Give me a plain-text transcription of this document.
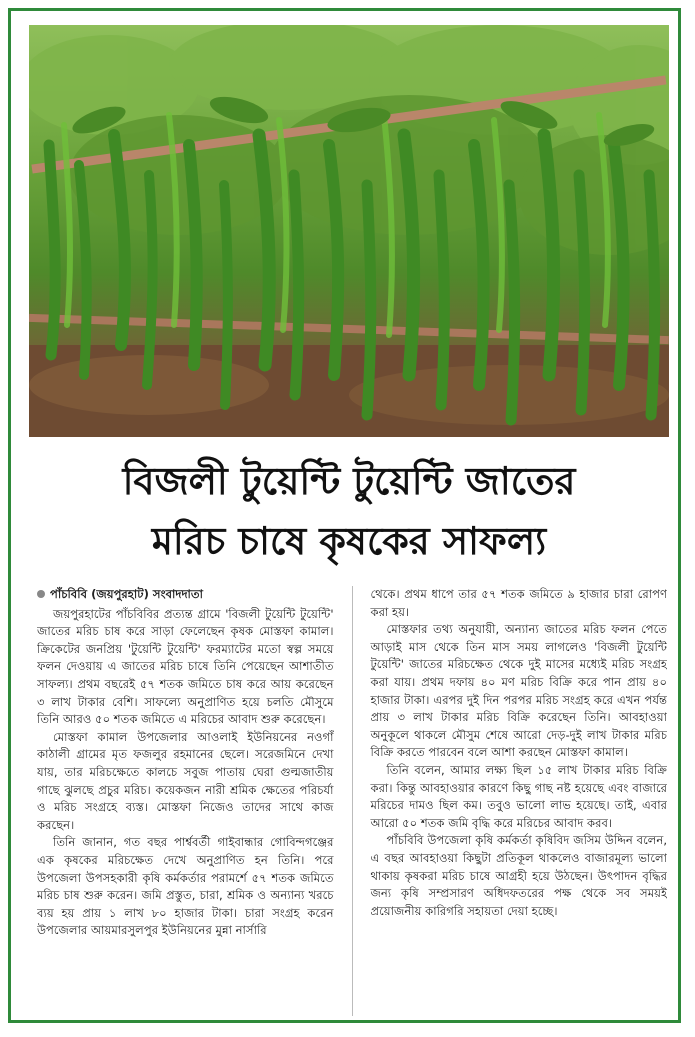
বিজলী টুয়েন্টি টুয়েন্টি জাতের
মরিচ চাষে কৃষকের সাফল্য
পাঁচবিবি (জয়পুরহাট) সংবাদদাতা

জয়পুরহাটের পাঁচবিবির প্রত্যন্ত গ্রামে 'বিজলী টুয়েন্টি টুয়েন্টি' জাতের মরিচ চাষ করে সাড়া ফেলেছেন কৃষক মোস্তফা কামাল। ক্রিকেটের জনপ্রিয় 'টুয়েন্টি টুয়েন্টি' ফরম্যাটের মতো স্বল্প সময়ে ফলন দেওয়ায় এ জাতের মরিচ চাষে তিনি পেয়েছেন আশাতীত সাফল্য। প্রথম বছরেই ৫৭ শতক জমিতে চাষ করে আয় করেছেন ৩ লাখ টাকার বেশি। সাফল্যে অনুপ্রাণিত হয়ে চলতি মৌসুমে তিনি আরও ৫০ শতক জমিতে এ মরিচের আবাদ শুরু করেছেন।

মোস্তফা কামাল উপজেলার আওলাই ইউনিয়নের নওগাঁ কাঠালী গ্রামের মৃত ফজলুর রহমানের ছেলে। সরেজমিনে দেখা যায়, তার মরিচক্ষেতে কালচে সবুজ পাতায় ঘেরা গুল্মজাতীয় গাছে ঝুলছে প্রচুর মরিচ। কয়েকজন নারী শ্রমিক ক্ষেতের পরিচর্যা ও মরিচ সংগ্রহে ব্যস্ত। মোস্তফা নিজেও তাদের সাথে কাজ করছেন।

তিনি জানান, গত বছর পার্শ্ববর্তী গাইবান্ধার গোবিন্দগঞ্জের এক কৃষকের মরিচক্ষেত দেখে অনুপ্রাণিত হন তিনি। পরে উপজেলা উপসহকারী কৃষি কর্মকর্তার পরামর্শে ৫৭ শতক জমিতে মরিচ চাষ শুরু করেন। জমি প্রস্তুত, চারা, শ্রমিক ও অন্যান্য খরচে ব্যয় হয় প্রায় ১ লাখ ৮০ হাজার টাকা। চারা সংগ্রহ করেন উপজেলার আয়মারসুলপুর ইউনিয়নের মুন্না নার্সারি

থেকে। প্রথম ধাপে তার ৫৭ শতক জমিতে ৯ হাজার চারা রোপণ করা হয়।

মোস্তফার তথ্য অনুযায়ী, অন্যান্য জাতের মরিচ ফলন পেতে আড়াই মাস থেকে তিন মাস সময় লাগলেও 'বিজলী টুয়েন্টি টুয়েন্টি' জাতের মরিচক্ষেত থেকে দুই মাসের মধ্যেই মরিচ সংগ্রহ করা যায়। প্রথম দফায় ৪০ মণ মরিচ বিক্রি করে পান প্রায় ৪০ হাজার টাকা। এরপর দুই দিন পরপর মরিচ সংগ্রহ করে এখন পর্যন্ত প্রায় ৩ লাখ টাকার মরিচ বিক্রি করেছেন তিনি। আবহাওয়া অনুকূলে থাকলে মৌসুম শেষে আরো দেড়-দুই লাখ টাকার মরিচ বিক্রি করতে পারবেন বলে আশা করছেন মোস্তফা কামাল।

তিনি বলেন, আমার লক্ষ্য ছিল ১৫ লাখ টাকার মরিচ বিক্রি করা। কিন্তু আবহাওয়ার কারণে কিছু গাছ নষ্ট হয়েছে এবং বাজারে মরিচের দামও ছিল কম। তবুও ভালো লাভ হয়েছে। তাই, এবার আরো ৫০ শতক জমি বৃদ্ধি করে মরিচের আবাদ করব।

পাঁচবিবি উপজেলা কৃষি কর্মকর্তা কৃষিবিদ জসিম উদ্দিন বলেন, এ বছর আবহাওয়া কিছুটা প্রতিকূল থাকলেও বাজারমূল্য ভালো থাকায় কৃষকরা মরিচ চাষে আগ্রহী হয়ে উঠছেন। উৎপাদন বৃদ্ধির জন্য কৃষি সম্প্রসারণ অধিদফতরের পক্ষ থেকে সব সময়ই প্রয়োজনীয় কারিগরি সহায়তা দেয়া হচ্ছে।
